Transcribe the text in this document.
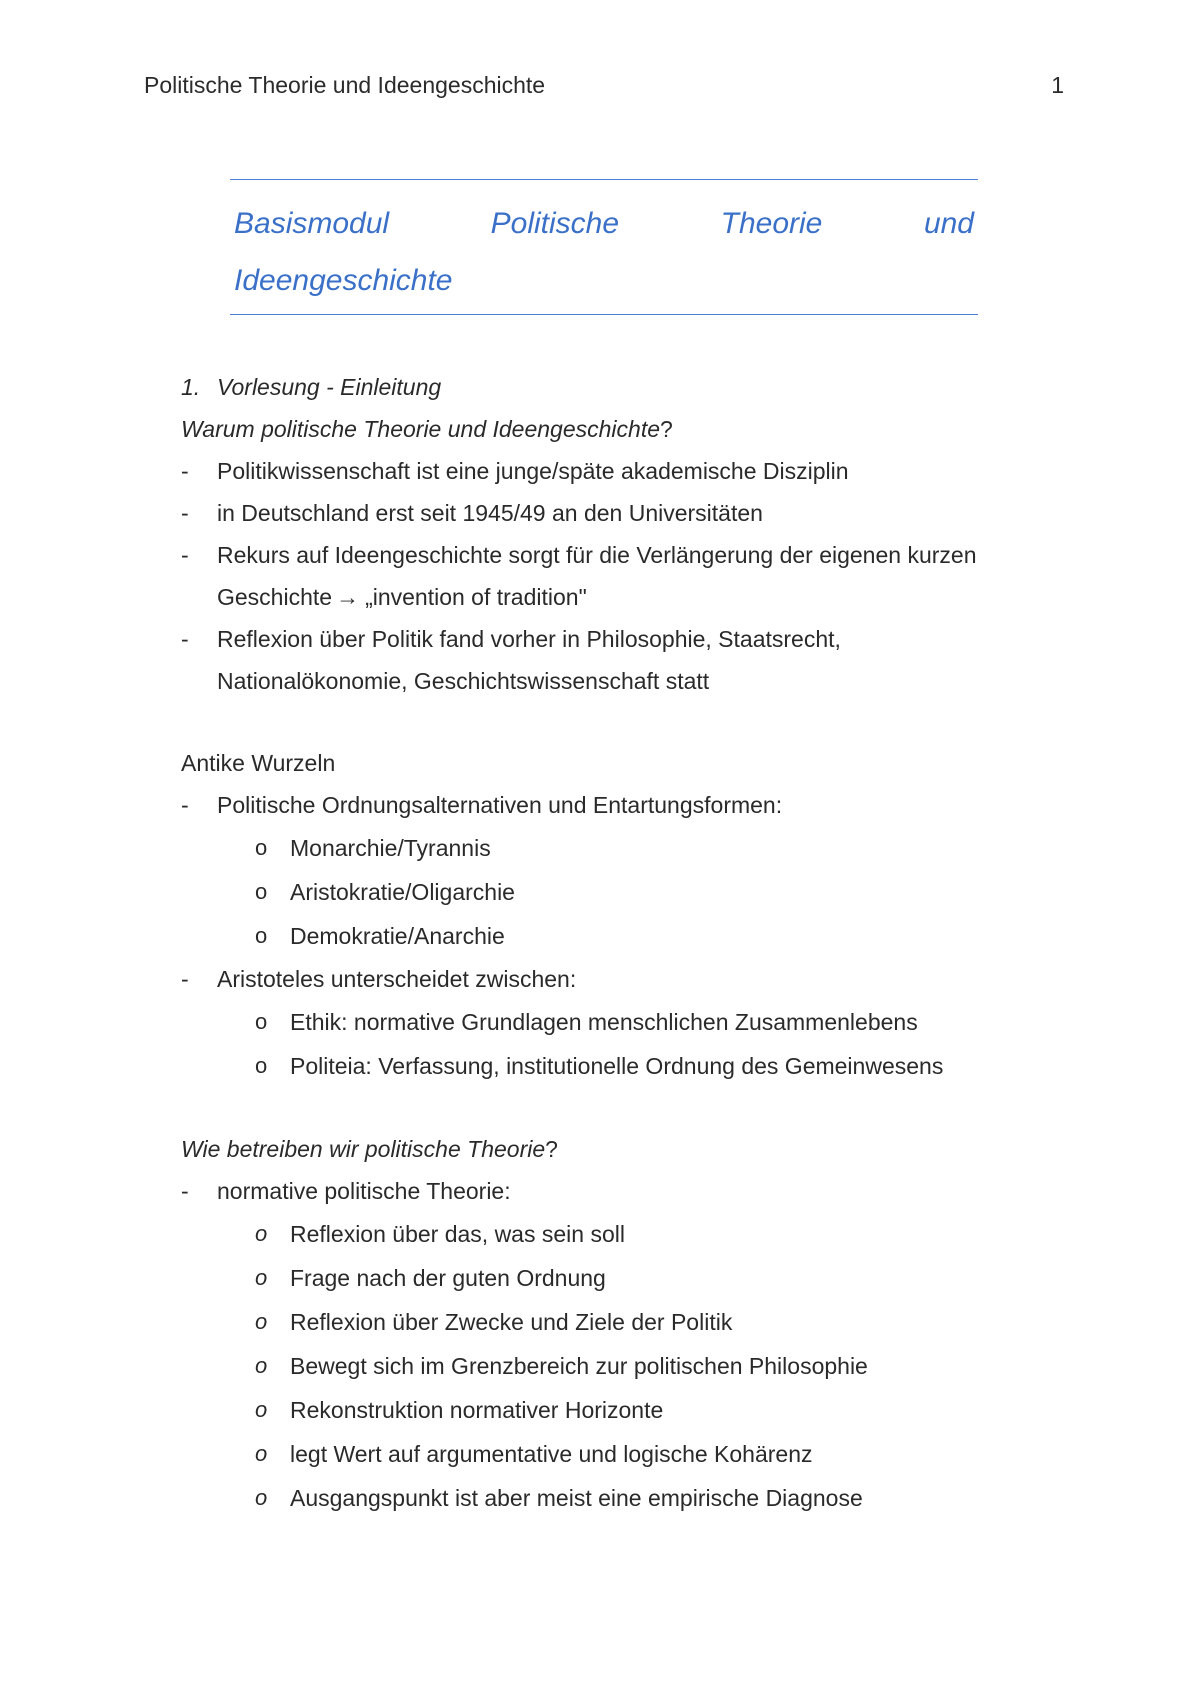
Politische Theorie und Ideengeschichte	1
Basismodul	Politische	Theorie	und
Ideengeschichte
1. Vorlesung - Einleitung
Warum politische Theorie und Ideengeschichte?
-	Politikwissenschaft ist eine junge/späte akademische Disziplin
-	in Deutschland erst seit 1945/49 an den Universitäten
-	Rekurs auf Ideengeschichte sorgt für die Verlängerung der eigenen kurzen
Geschichte → „invention of tradition"
-	Reflexion über Politik fand vorher in Philosophie, Staatsrecht,
Nationalökonomie, Geschichtswissenschaft statt
Antike Wurzeln
-	Politische Ordnungsalternativen und Entartungsformen:
o Monarchie/Tyrannis
o Aristokratie/Oligarchie
o Demokratie/Anarchie
-	Aristoteles unterscheidet zwischen:
o Ethik: normative Grundlagen menschlichen Zusammenlebens
o Politeia: Verfassung, institutionelle Ordnung des Gemeinwesens
Wie betreiben wir politische Theorie?
-	normative politische Theorie:
o Reflexion über das, was sein soll
o Frage nach der guten Ordnung
o Reflexion über Zwecke und Ziele der Politik
o Bewegt sich im Grenzbereich zur politischen Philosophie
o Rekonstruktion normativer Horizonte
o legt Wert auf argumentative und logische Kohärenz
o Ausgangspunkt ist aber meist eine empirische Diagnose
